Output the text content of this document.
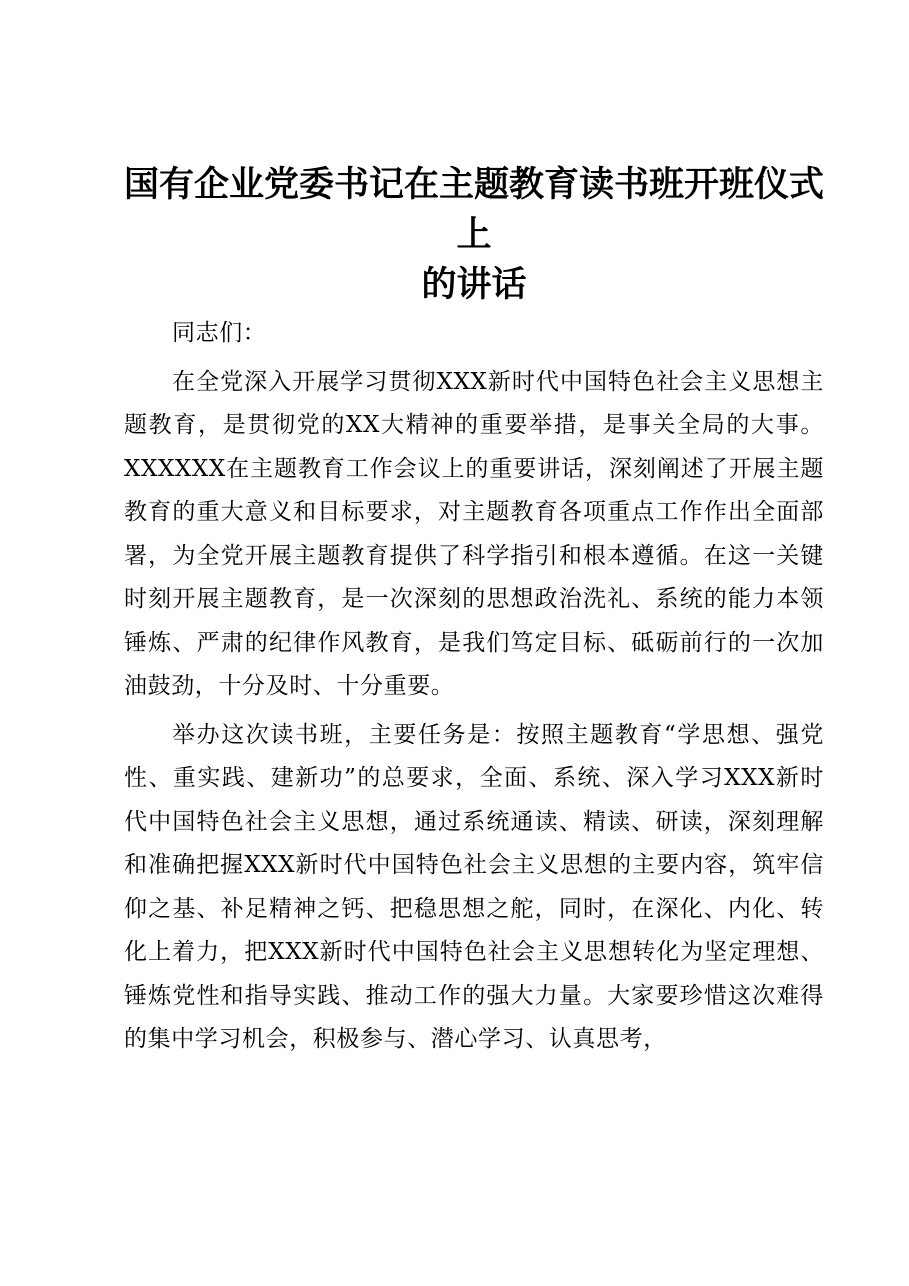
国有企业党委书记在主题教育读书班开班仪式上
的讲话

同志们：

在全党深入开展学习贯彻XXX新时代中国特色社会主义思想主题教育，是贯彻党的XX大精神的重要举措，是事关全局的大事。XXXXXX在主题教育工作会议上的重要讲话，深刻阐述了开展主题教育的重大意义和目标要求，对主题教育各项重点工作作出全面部署，为全党开展主题教育提供了科学指引和根本遵循。在这一关键时刻开展主题教育，是一次深刻的思想政治洗礼、系统的能力本领锤炼、严肃的纪律作风教育，是我们笃定目标、砥砺前行的一次加油鼓劲，十分及时、十分重要。

举办这次读书班，主要任务是：按照主题教育“学思想、强党性、重实践、建新功”的总要求，全面、系统、深入学习XXX新时代中国特色社会主义思想，通过系统通读、精读、研读，深刻理解和准确把握XXX新时代中国特色社会主义思想的主要内容，筑牢信仰之基、补足精神之钙、把稳思想之舵，同时，在深化、内化、转化上着力，把XXX新时代中国特色社会主义思想转化为坚定理想、锤炼党性和指导实践、推动工作的强大力量。大家要珍惜这次难得的集中学习机会，积极参与、潜心学习、认真思考，
